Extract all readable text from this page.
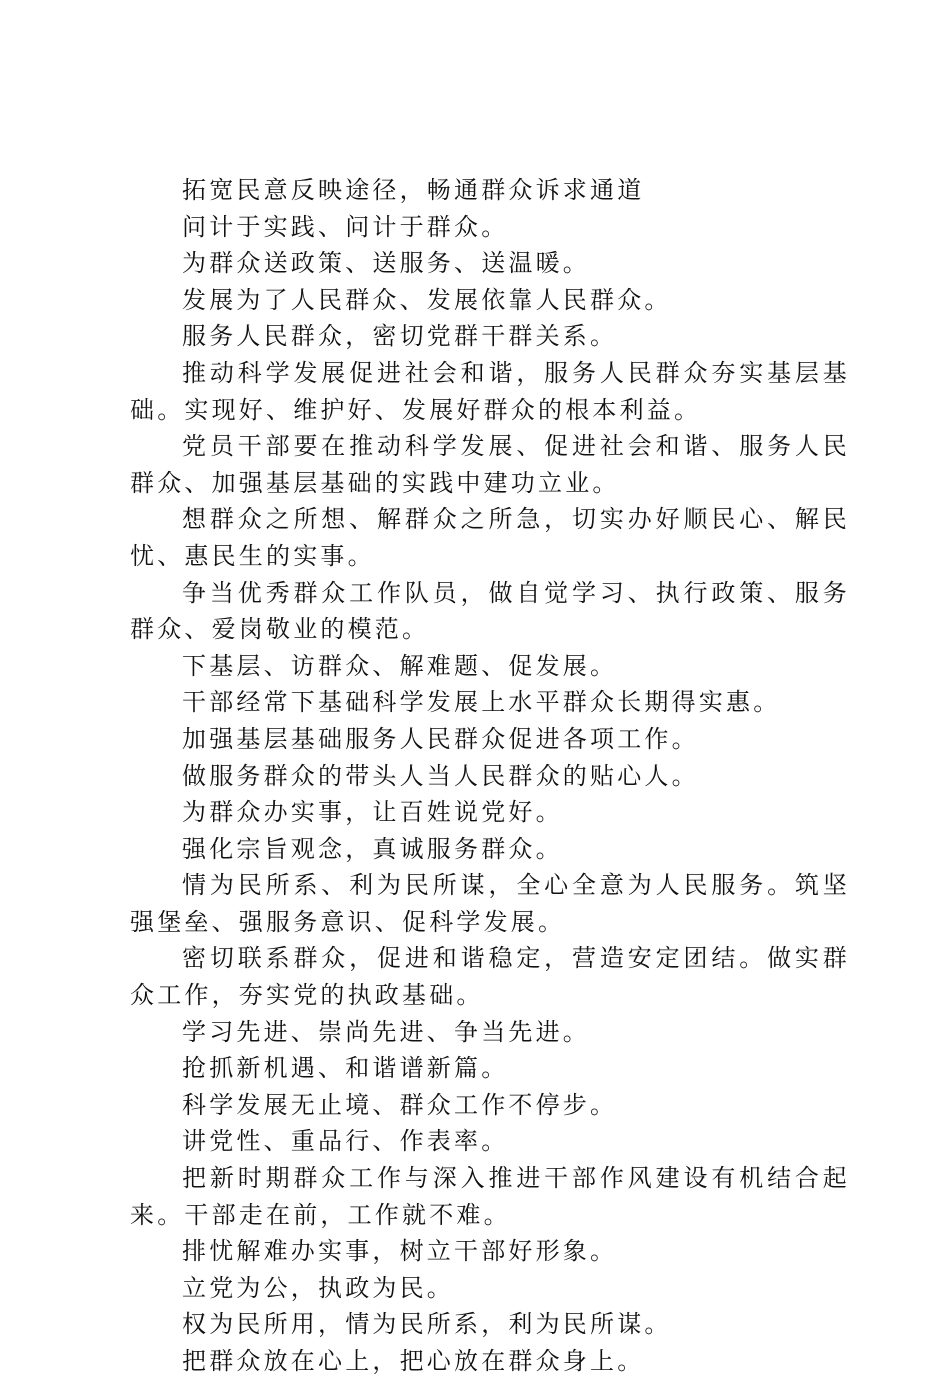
拓宽民意反映途径，畅通群众诉求通道

问计于实践、问计于群众。

为群众送政策、送服务、送温暖。

发展为了人民群众、发展依靠人民群众。

服务人民群众，密切党群干群关系。

推动科学发展促进社会和谐，服务人民群众夯实基层基础。实现好、维护好、发展好群众的根本利益。

党员干部要在推动科学发展、促进社会和谐、服务人民群众、加强基层基础的实践中建功立业。

想群众之所想、解群众之所急，切实办好顺民心、解民忧、惠民生的实事。

争当优秀群众工作队员，做自觉学习、执行政策、服务群众、爱岗敬业的模范。

下基层、访群众、解难题、促发展。

干部经常下基础科学发展上水平群众长期得实惠。

加强基层基础服务人民群众促进各项工作。

做服务群众的带头人当人民群众的贴心人。

为群众办实事，让百姓说党好。

强化宗旨观念，真诚服务群众。

情为民所系、利为民所谋，全心全意为人民服务。筑坚强堡垒、强服务意识、促科学发展。

密切联系群众，促进和谐稳定，营造安定团结。做实群众工作，夯实党的执政基础。

学习先进、崇尚先进、争当先进。

抢抓新机遇、和谐谱新篇。

科学发展无止境、群众工作不停步。

讲党性、重品行、作表率。

把新时期群众工作与深入推进干部作风建设有机结合起来。干部走在前，工作就不难。

排忧解难办实事，树立干部好形象。

立党为公，执政为民。

权为民所用，情为民所系，利为民所谋。

把群众放在心上，把心放在群众身上。
